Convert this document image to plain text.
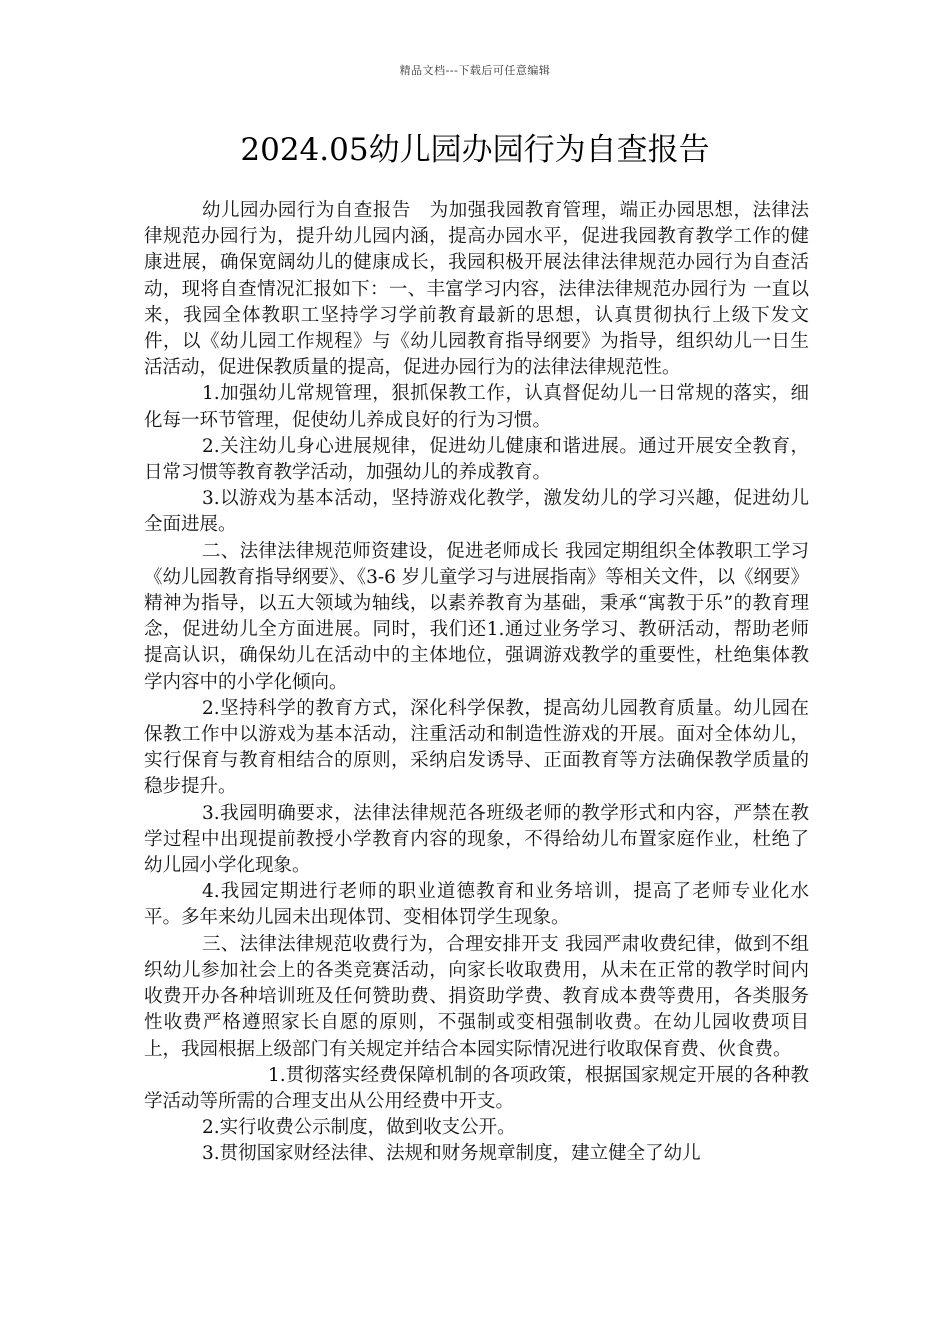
精品文档---下载后可任意编辑
2024.05幼儿园办园行为自查报告

幼儿园办园行为自查报告　为加强我园教育管理，端正办园思想，法律法律规范办园行为，提升幼儿园内涵，提高办园水平，促进我园教育教学工作的健康进展，确保宽阔幼儿的健康成长，我园积极开展法律法律规范办园行为自查活动，现将自查情况汇报如下：一、丰富学习内容，法律法律规范办园行为 一直以来，我园全体教职工坚持学习学前教育最新的思想，认真贯彻执行上级下发文件，以《幼儿园工作规程》与《幼儿园教育指导纲要》为指导，组织幼儿一日生活活动，促进保教质量的提高，促进办园行为的法律法律规范性。

1.加强幼儿常规管理，狠抓保教工作，认真督促幼儿一日常规的落实，细化每一环节管理，促使幼儿养成良好的行为习惯。

2.关注幼儿身心进展规律，促进幼儿健康和谐进展。通过开展安全教育，日常习惯等教育教学活动，加强幼儿的养成教育。

3.以游戏为基本活动，坚持游戏化教学，激发幼儿的学习兴趣，促进幼儿全面进展。

二、法律法律规范师资建设，促进老师成长 我园定期组织全体教职工学习《幼儿园教育指导纲要》、《3-6 岁儿童学习与进展指南》等相关文件，以《纲要》精神为指导，以五大领域为轴线，以素养教育为基础，秉承“寓教于乐”的教育理念，促进幼儿全方面进展。同时，我们还1.通过业务学习、教研活动，帮助老师提高认识，确保幼儿在活动中的主体地位，强调游戏教学的重要性，杜绝集体教学内容中的小学化倾向。

2.坚持科学的教育方式，深化科学保教，提高幼儿园教育质量。幼儿园在保教工作中以游戏为基本活动，注重活动和制造性游戏的开展。面对全体幼儿，实行保育与教育相结合的原则，采纳启发诱导、正面教育等方法确保教学质量的稳步提升。

3.我园明确要求，法律法律规范各班级老师的教学形式和内容，严禁在教学过程中出现提前教授小学教育内容的现象，不得给幼儿布置家庭作业，杜绝了幼儿园小学化现象。

4.我园定期进行老师的职业道德教育和业务培训，提高了老师专业化水平。多年来幼儿园未出现体罚、变相体罚学生现象。

三、法律法律规范收费行为，合理安排开支 我园严肃收费纪律，做到不组织幼儿参加社会上的各类竞赛活动，向家长收取费用，从未在正常的教学时间内收费开办各种培训班及任何赞助费、捐资助学费、教育成本费等费用，各类服务性收费严格遵照家长自愿的原则，不强制或变相强制收费。在幼儿园收费项目上，我园根据上级部门有关规定并结合本园实际情况进行收取保育费、伙食费。

1.贯彻落实经费保障机制的各项政策，根据国家规定开展的各种教学活动等所需的合理支出从公用经费中开支。

2.实行收费公示制度，做到收支公开。

3.贯彻国家财经法律、法规和财务规章制度，建立健全了幼儿
